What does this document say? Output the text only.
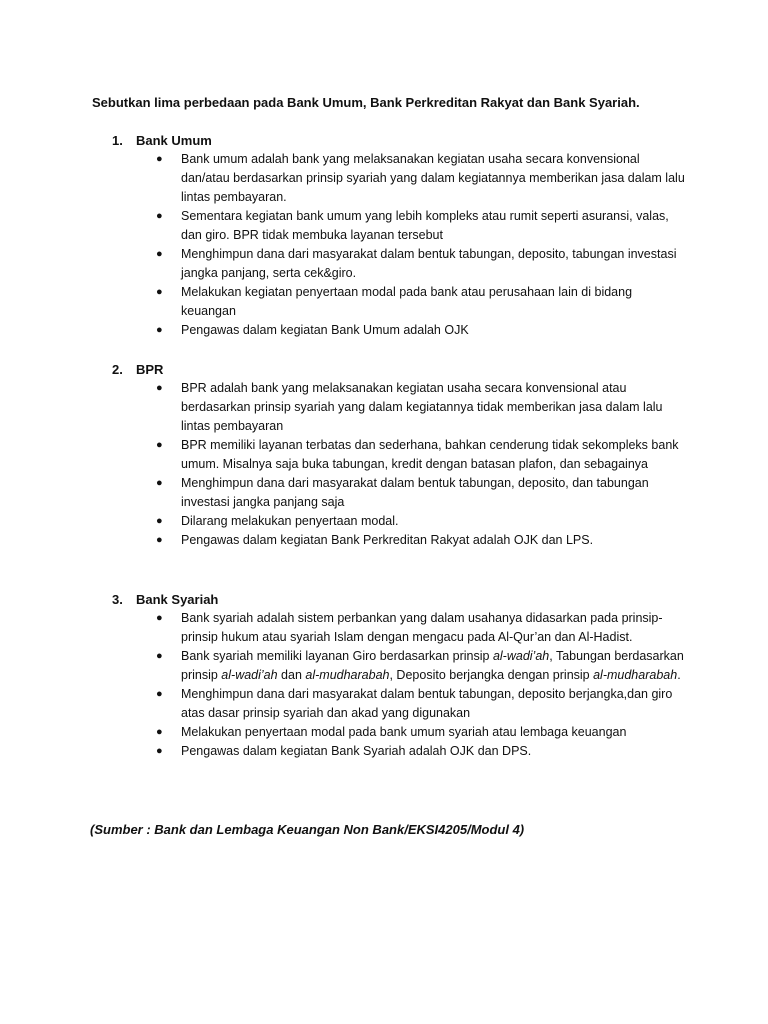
Sebutkan lima perbedaan pada Bank Umum, Bank Perkreditan Rakyat dan Bank Syariah.
1.	Bank Umum
● Bank umum adalah bank yang melaksanakan kegiatan usaha secara konvensional dan/atau berdasarkan prinsip syariah yang dalam kegiatannya memberikan jasa dalam lalu lintas pembayaran.
● Sementara kegiatan bank umum yang lebih kompleks atau rumit seperti asuransi, valas, dan giro. BPR tidak membuka layanan tersebut
● Menghimpun dana dari masyarakat dalam bentuk tabungan, deposito, tabungan investasi jangka panjang, serta cek&giro.
● Melakukan kegiatan penyertaan modal pada bank atau perusahaan lain di bidang keuangan
● Pengawas dalam kegiatan Bank Umum adalah OJK
2.	BPR
● BPR adalah bank yang melaksanakan kegiatan usaha secara konvensional atau berdasarkan prinsip syariah yang dalam kegiatannya tidak memberikan jasa dalam lalu lintas pembayaran
● BPR memiliki layanan terbatas dan sederhana, bahkan cenderung tidak sekompleks bank umum. Misalnya saja buka tabungan, kredit dengan batasan plafon, dan sebagainya
● Menghimpun dana dari masyarakat dalam bentuk tabungan, deposito, dan tabungan investasi jangka panjang saja
● Dilarang melakukan penyertaan modal.
● Pengawas dalam kegiatan Bank Perkreditan Rakyat adalah OJK dan LPS.
3.	Bank Syariah
● Bank syariah adalah sistem perbankan yang dalam usahanya didasarkan pada prinsip-prinsip hukum atau syariah Islam dengan mengacu pada Al-Qur’an dan Al-Hadist.
● Bank syariah memiliki layanan Giro berdasarkan prinsip al-wadi’ah, Tabungan berdasarkan prinsip al-wadi’ah dan al-mudharabah, Deposito berjangka dengan prinsip al-mudharabah.
● Menghimpun dana dari masyarakat dalam bentuk tabungan, deposito berjangka,dan giro atas dasar prinsip syariah dan akad yang digunakan
● Melakukan penyertaan modal pada bank umum syariah atau lembaga keuangan
● Pengawas dalam kegiatan Bank Syariah adalah OJK dan DPS.
(Sumber : Bank dan Lembaga Keuangan Non Bank/EKSI4205/Modul 4)
